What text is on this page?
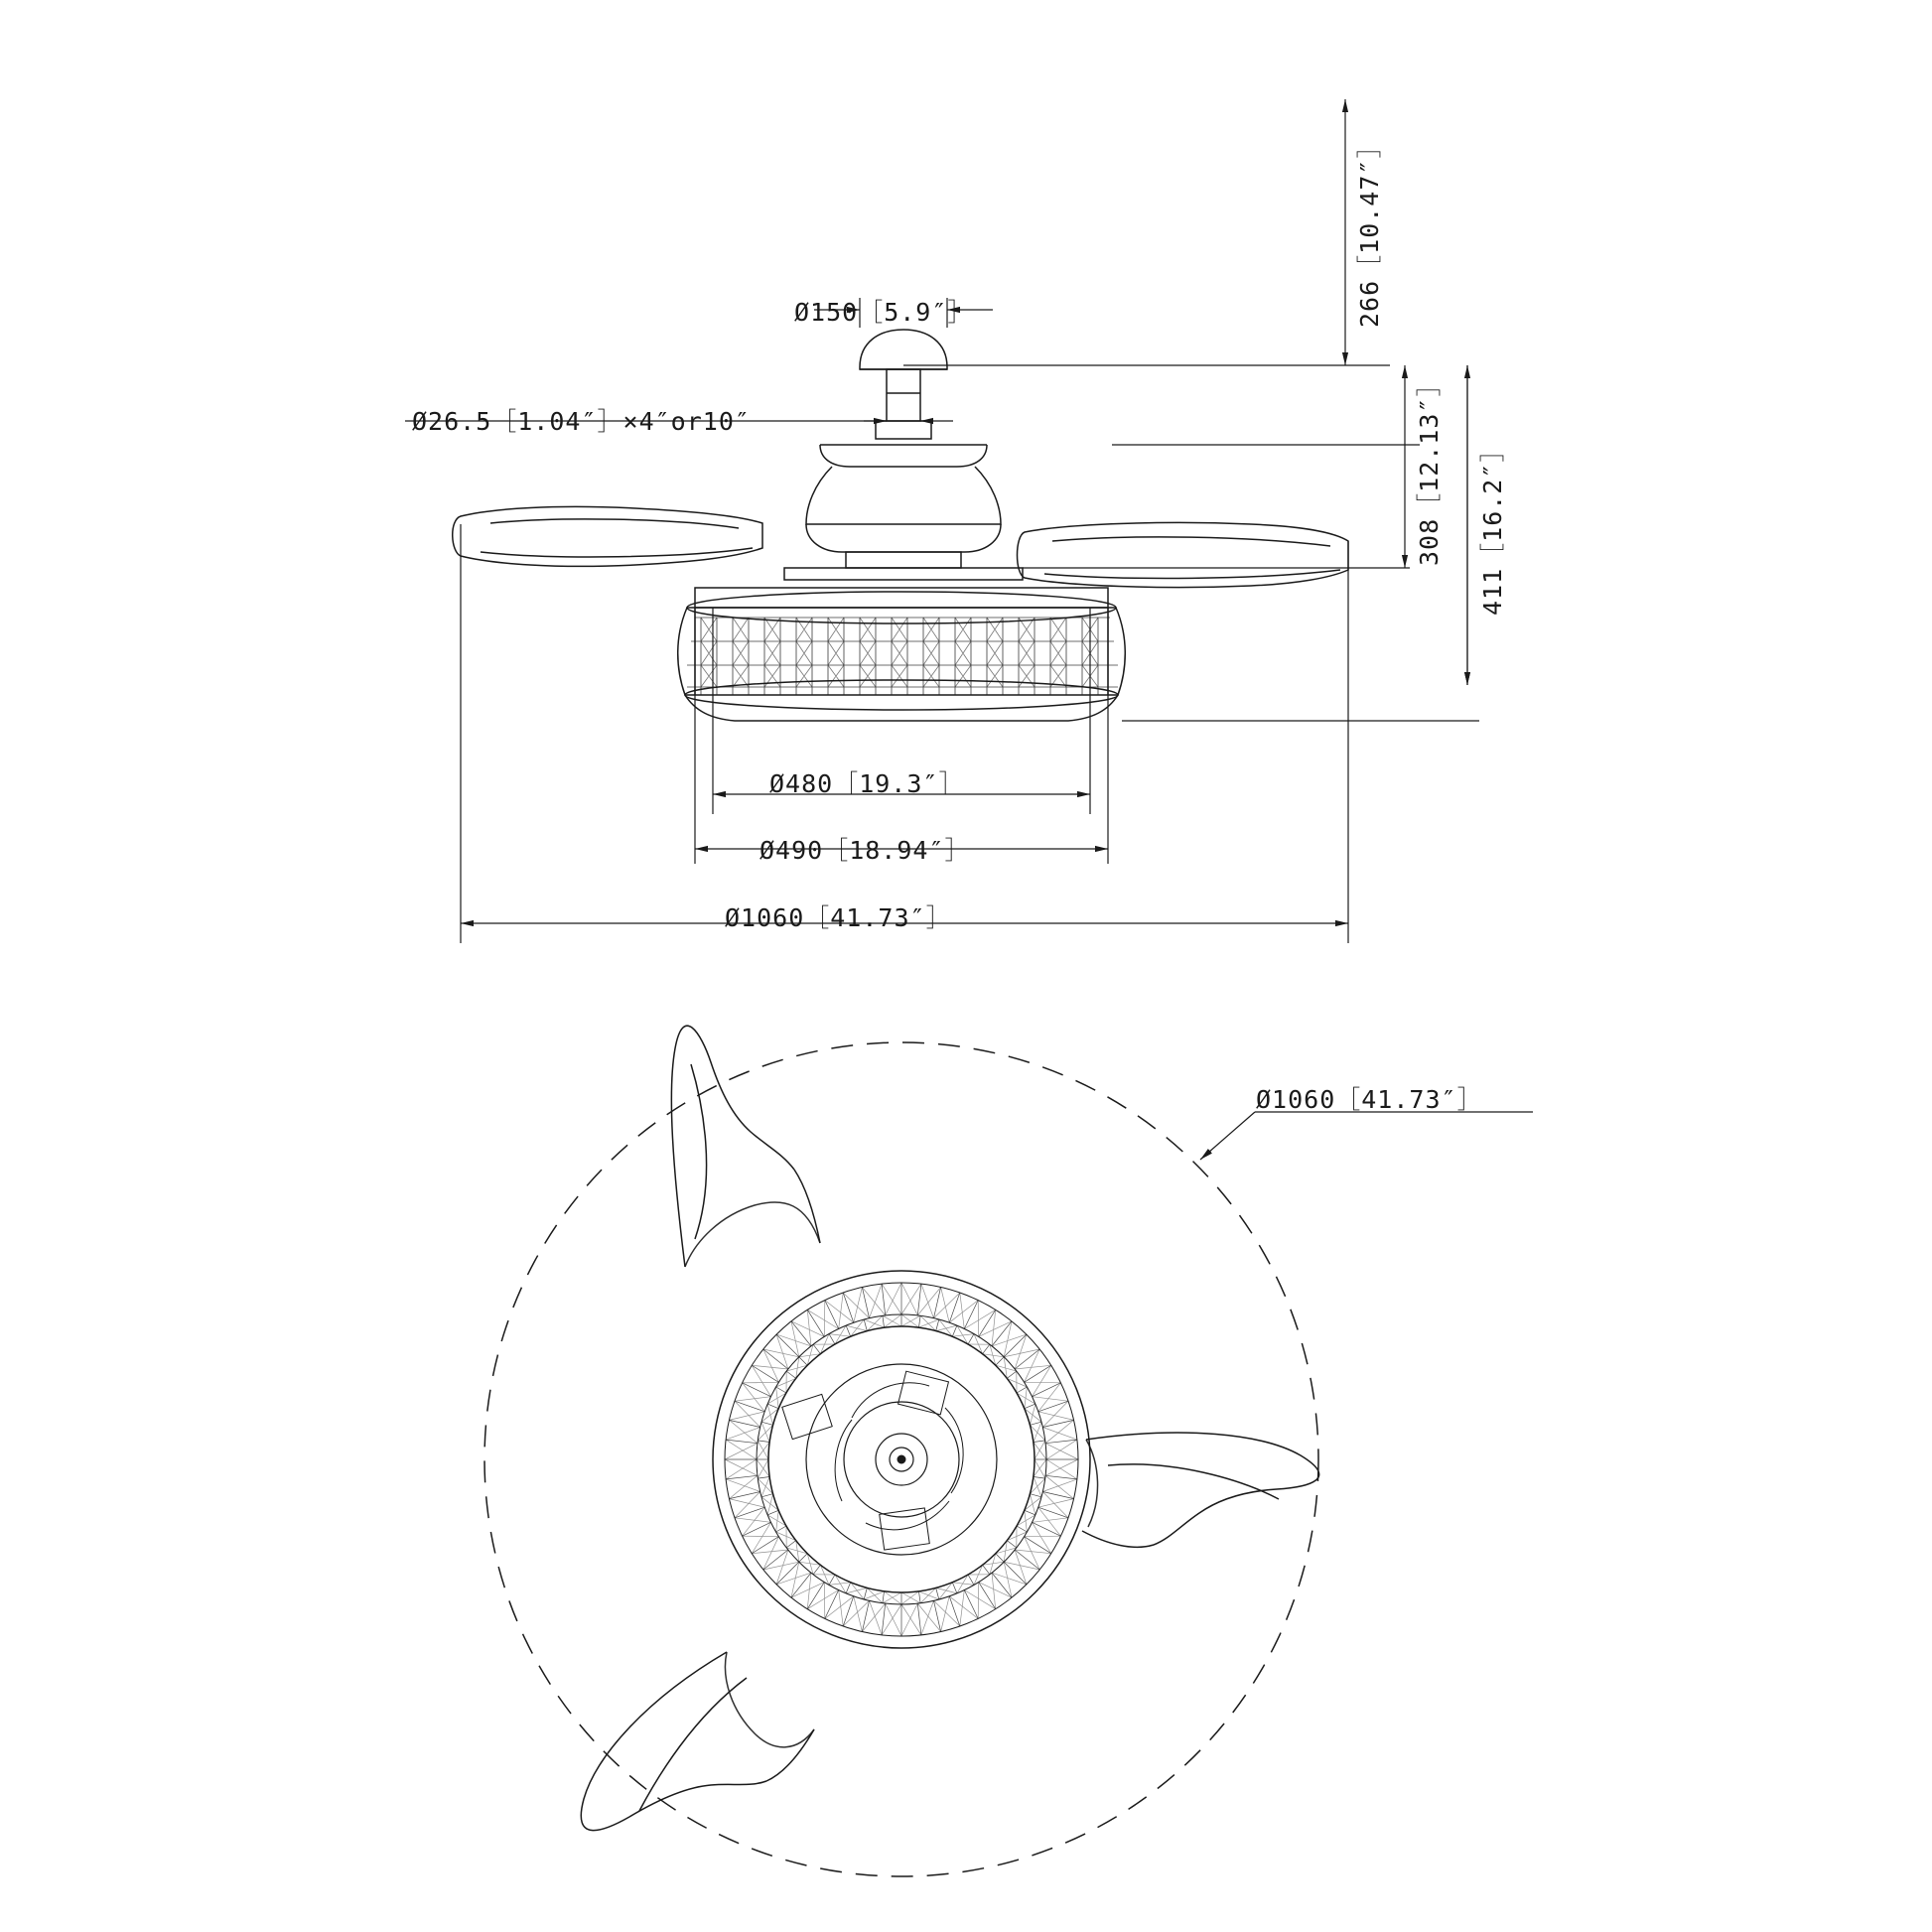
Ø150［5.9″］
Ø26.5［1.04″］×4″or10″
Ø480［19.3″］
Ø490［18.94″］
Ø1060［41.73″］
Ø1060［41.73″］
266［10.47″］
308［12.13″］ 411［16.2″］
